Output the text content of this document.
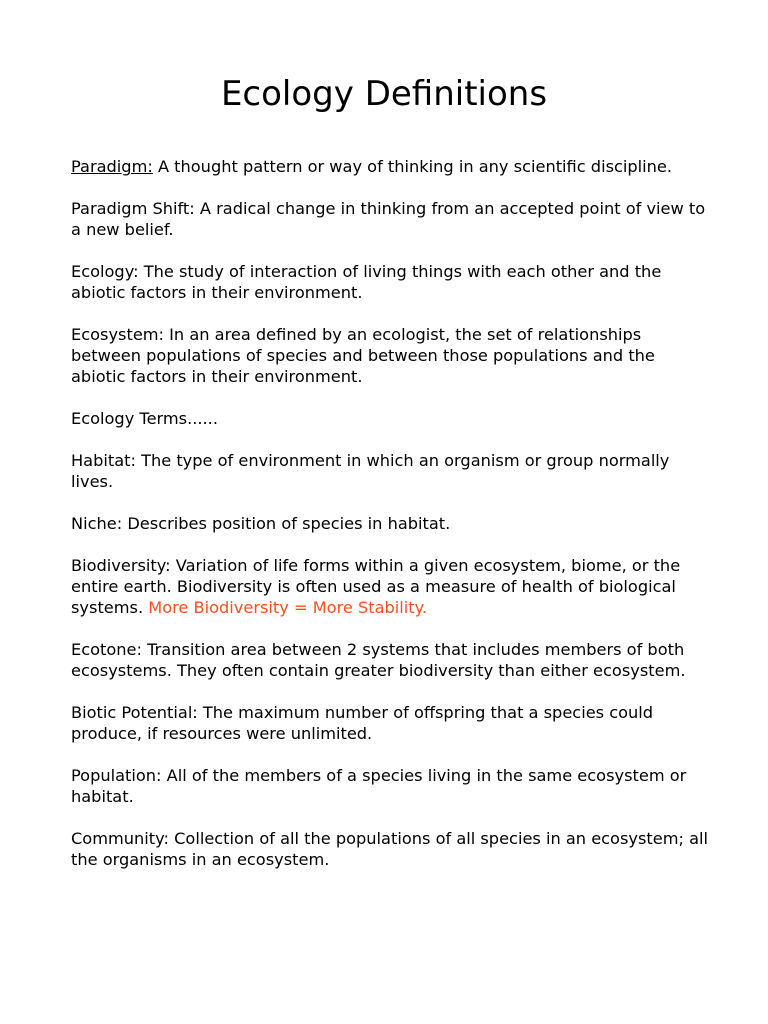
Ecology Definitions

Paradigm: A thought pattern or way of thinking in any scientific discipline.

Paradigm Shift: A radical change in thinking from an accepted point of view to a new belief.

Ecology: The study of interaction of living things with each other and the abiotic factors in their environment.

Ecosystem: In an area defined by an ecologist, the set of relationships between populations of species and between those populations and the abiotic factors in their environment.

Ecology Terms......

Habitat: The type of environment in which an organism or group normally lives.

Niche: Describes position of species in habitat.

Biodiversity: Variation of life forms within a given ecosystem, biome, or the entire earth. Biodiversity is often used as a measure of health of biological systems. More Biodiversity = More Stability.

Ecotone: Transition area between 2 systems that includes members of both ecosystems. They often contain greater biodiversity than either ecosystem.

Biotic Potential: The maximum number of offspring that a species could produce, if resources were unlimited.

Population: All of the members of a species living in the same ecosystem or habitat.

Community: Collection of all the populations of all species in an ecosystem; all the organisms in an ecosystem.
